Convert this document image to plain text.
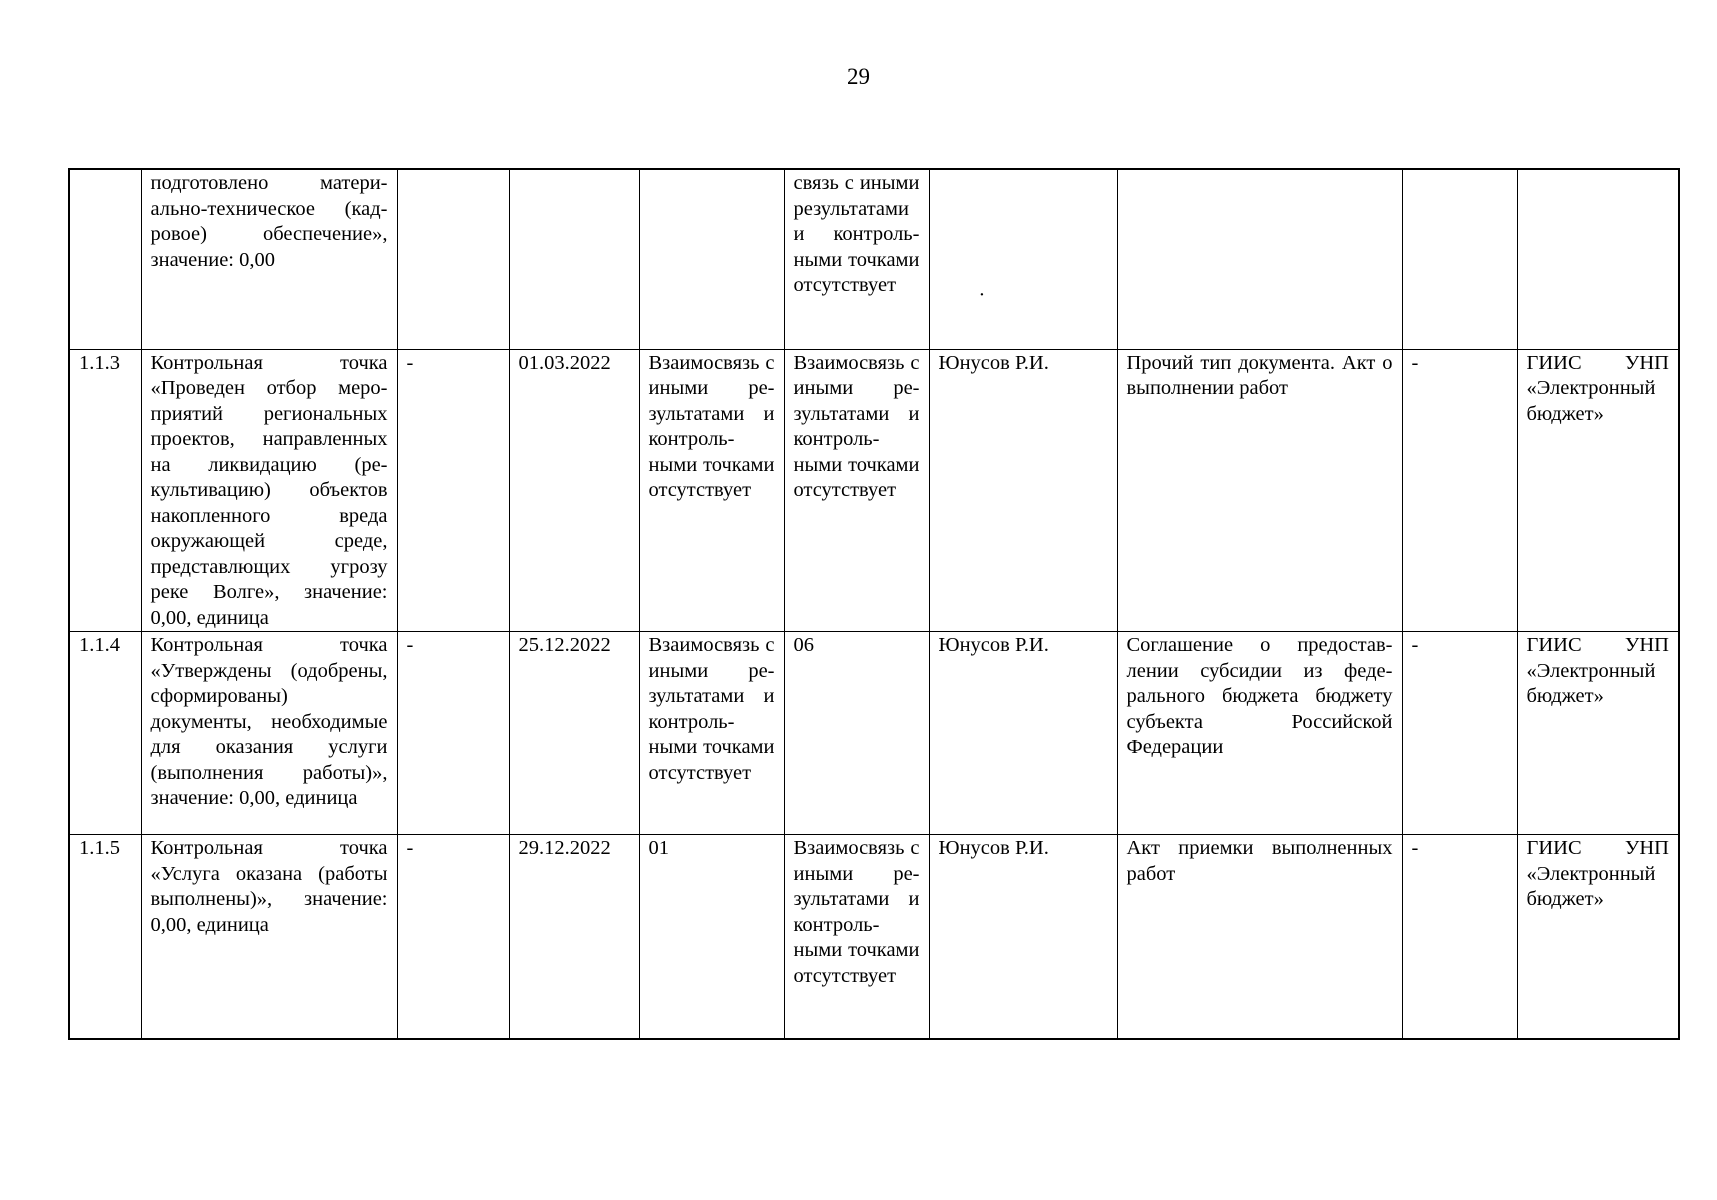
29
	подготовлено материально-техническое (кадровое) обеспечение», значение: 0,00				связь с иными результатами и контрольными точками отсутствует	·			

1.1.3	Контрольная точка «Проведен отбор мероприятий региональных проектов, направленных на ликвидацию (рекультивацию) объектов накопленного вреда окружающей среде, представлющих угрозу реке Волге», значение: 0,00, единица	-	01.03.2022	Взаимосвязь с иными результатами и контрольными точками отсутствует	Взаимосвязь с иными результатами и контрольными точками отсутствует	Юнусов Р.И.	Прочий тип документа. Акт о выполнении работ	-	ГИИС УНП «Электронный бюджет»
1.1.4	Контрольная точка «Утверждены (одобрены, сформированы) документы, необходимые для оказания услуги (выполнения работы)», значение: 0,00, единица	-	25.12.2022	Взаимосвязь с иными результатами и контрольными точками отсутствует	06	Юнусов Р.И.	Соглашение о предоставлении субсидии из федерального бюджета бюджету субъекта Российской Федерации	-	ГИИС УНП «Электронный бюджет»
1.1.5	Контрольная точка «Услуга оказана (работы выполнены)», значение: 0,00, единица	-	29.12.2022	01	Взаимосвязь с иными результатами и контрольными точками отсутствует	Юнусов Р.И.	Акт приемки выполненных работ	-	ГИИС УНП «Электронный бюджет»
